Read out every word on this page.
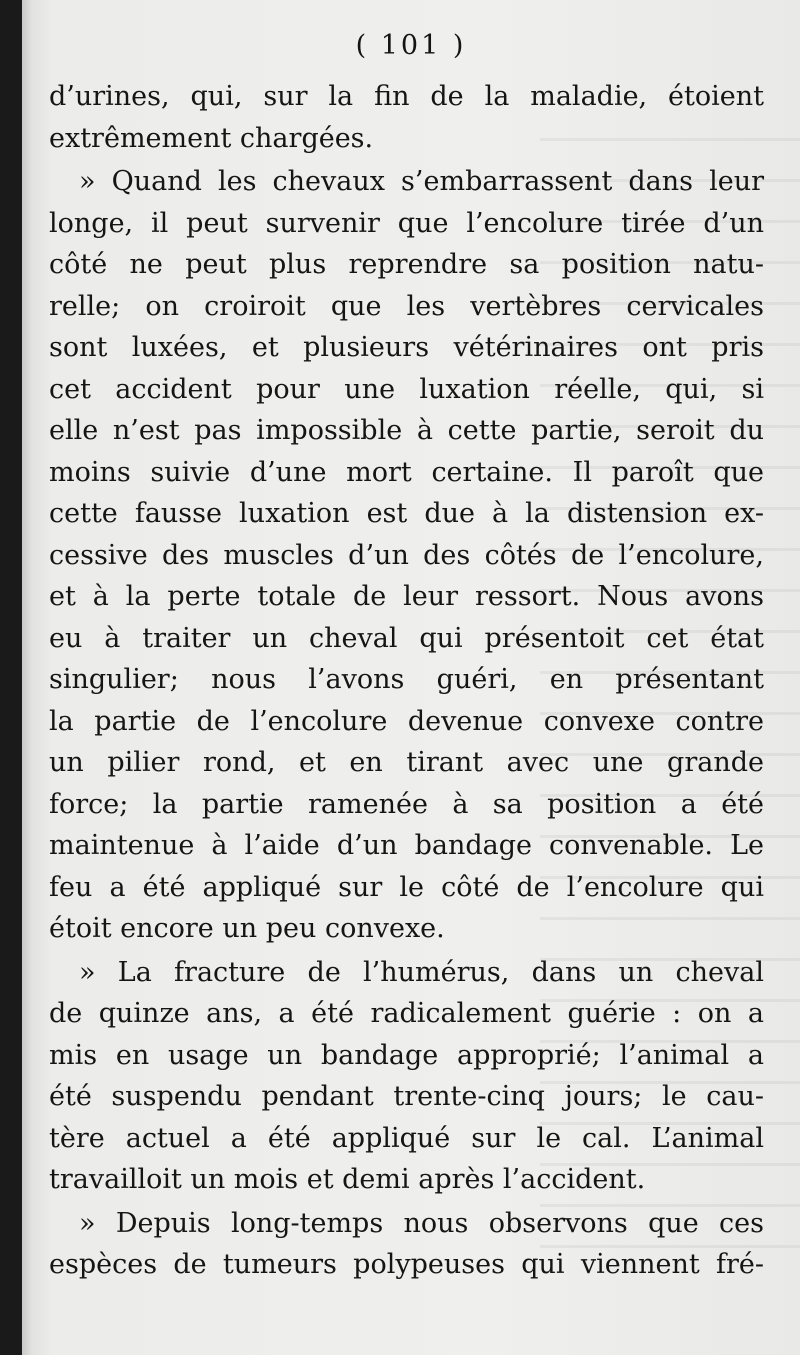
( 101 )
d’urines, qui, sur la fin de la maladie, étoient
extrêmement chargées.
» Quand les chevaux s’embarrassent dans leur
longe, il peut survenir que l’encolure tirée d’un
côté ne peut plus reprendre sa position natu-
relle; on croiroit que les vertèbres cervicales
sont luxées, et plusieurs vétérinaires ont pris
cet accident pour une luxation réelle, qui, si
elle n’est pas impossible à cette partie, seroit du
moins suivie d’une mort certaine. Il paroît que
cette fausse luxation est due à la distension ex-
cessive des muscles d’un des côtés de l’encolure,
et à la perte totale de leur ressort. Nous avons
eu à traiter un cheval qui présentoit cet état
singulier; nous l’avons guéri, en présentant
la partie de l’encolure devenue convexe contre
un pilier rond, et en tirant avec une grande
force; la partie ramenée à sa position a été
maintenue à l’aide d’un bandage convenable. Le
feu a été appliqué sur le côté de l’encolure qui
étoit encore un peu convexe.
» La fracture de l’humérus, dans un cheval
de quinze ans, a été radicalement guérie : on a
mis en usage un bandage approprié; l’animal a
été suspendu pendant trente-cinq jours; le cau-
tère actuel a été appliqué sur le cal. L’animal
travailloit un mois et demi après l’accident.
» Depuis long-temps nous observons que ces
espèces de tumeurs polypeuses qui viennent fré-
